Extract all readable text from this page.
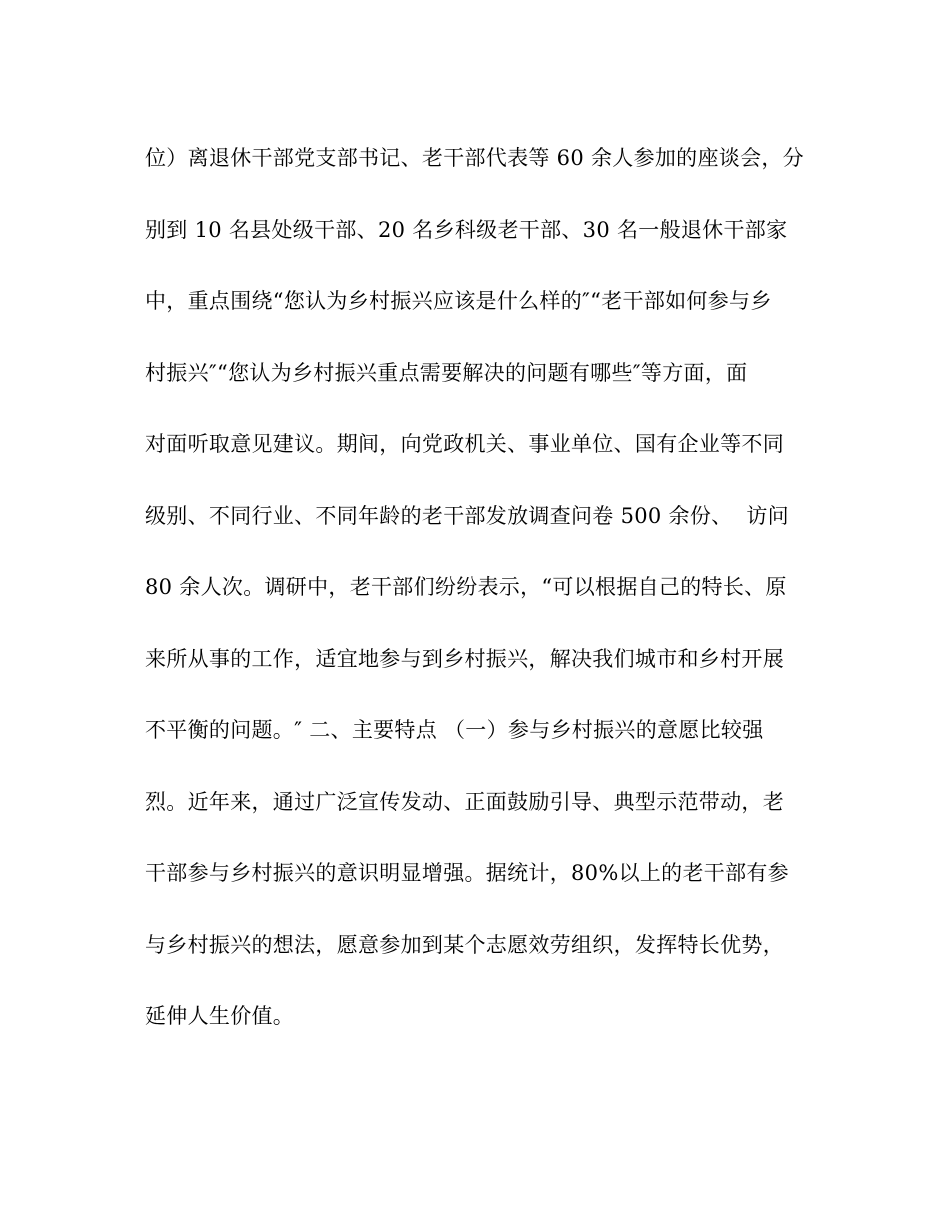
位）离退休干部党支部书记、老干部代表等 60 余人参加的座谈会，分
别到 10 名县处级干部、20 名乡科级老干部、30 名一般退休干部家
中，重点围绕“您认为乡村振兴应该是什么样的″“老干部如何参与乡
村振兴″“您认为乡村振兴重点需要解决的问题有哪些″等方面，面
对面听取意见建议。期间，向党政机关、事业单位、国有企业等不同
级别、不同行业、不同年龄的老干部发放调查问卷 500 余份、  访问
80 余人次。调研中，老干部们纷纷表示，“可以根据自己的特长、原
来所从事的工作，适宜地参与到乡村振兴，解决我们城市和乡村开展
不平衡的问题。″ 二、主要特点 （一）参与乡村振兴的意愿比较强
烈。近年来，通过广泛宣传发动、正面鼓励引导、典型示范带动，老
干部参与乡村振兴的意识明显增强。据统计，80%以上的老干部有参
与乡村振兴的想法，愿意参加到某个志愿效劳组织，发挥特长优势，
延伸人生价值。
